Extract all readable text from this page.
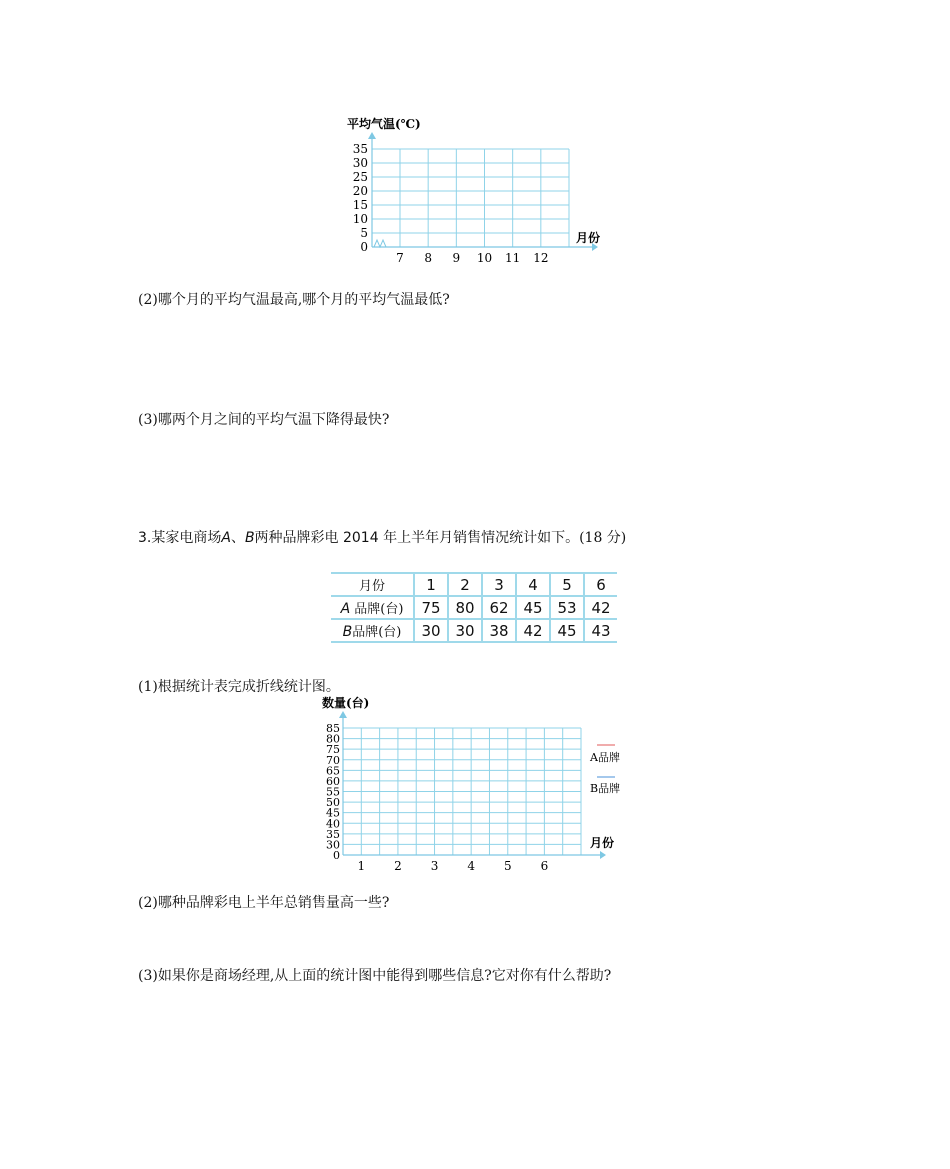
平均气温(℃)
0
5
10
15
20
25
30
35
7 8 9 10 11 12
月份
(2)哪个月的平均气温最高,哪个月的平均气温最低?
(3)哪两个月之间的平均气温下降得最快?
3.某家电商场A、B两种品牌彩电 2014 年上半年月销售情况统计如下。(18 分)
月份	1	2	3	4	5	6
A 品牌(台)	75	80	62	45	53	42
B品牌(台)	30	30	38	42	45	43
(1)根据统计表完成折线统计图。
数量(台)
0
30
35
40
45
50
55
60
65
70
75
80
85
1 2 3 4 5 6
A品牌
B品牌
月份
(2)哪种品牌彩电上半年总销售量高一些?
(3)如果你是商场经理,从上面的统计图中能得到哪些信息?它对你有什么帮助?
